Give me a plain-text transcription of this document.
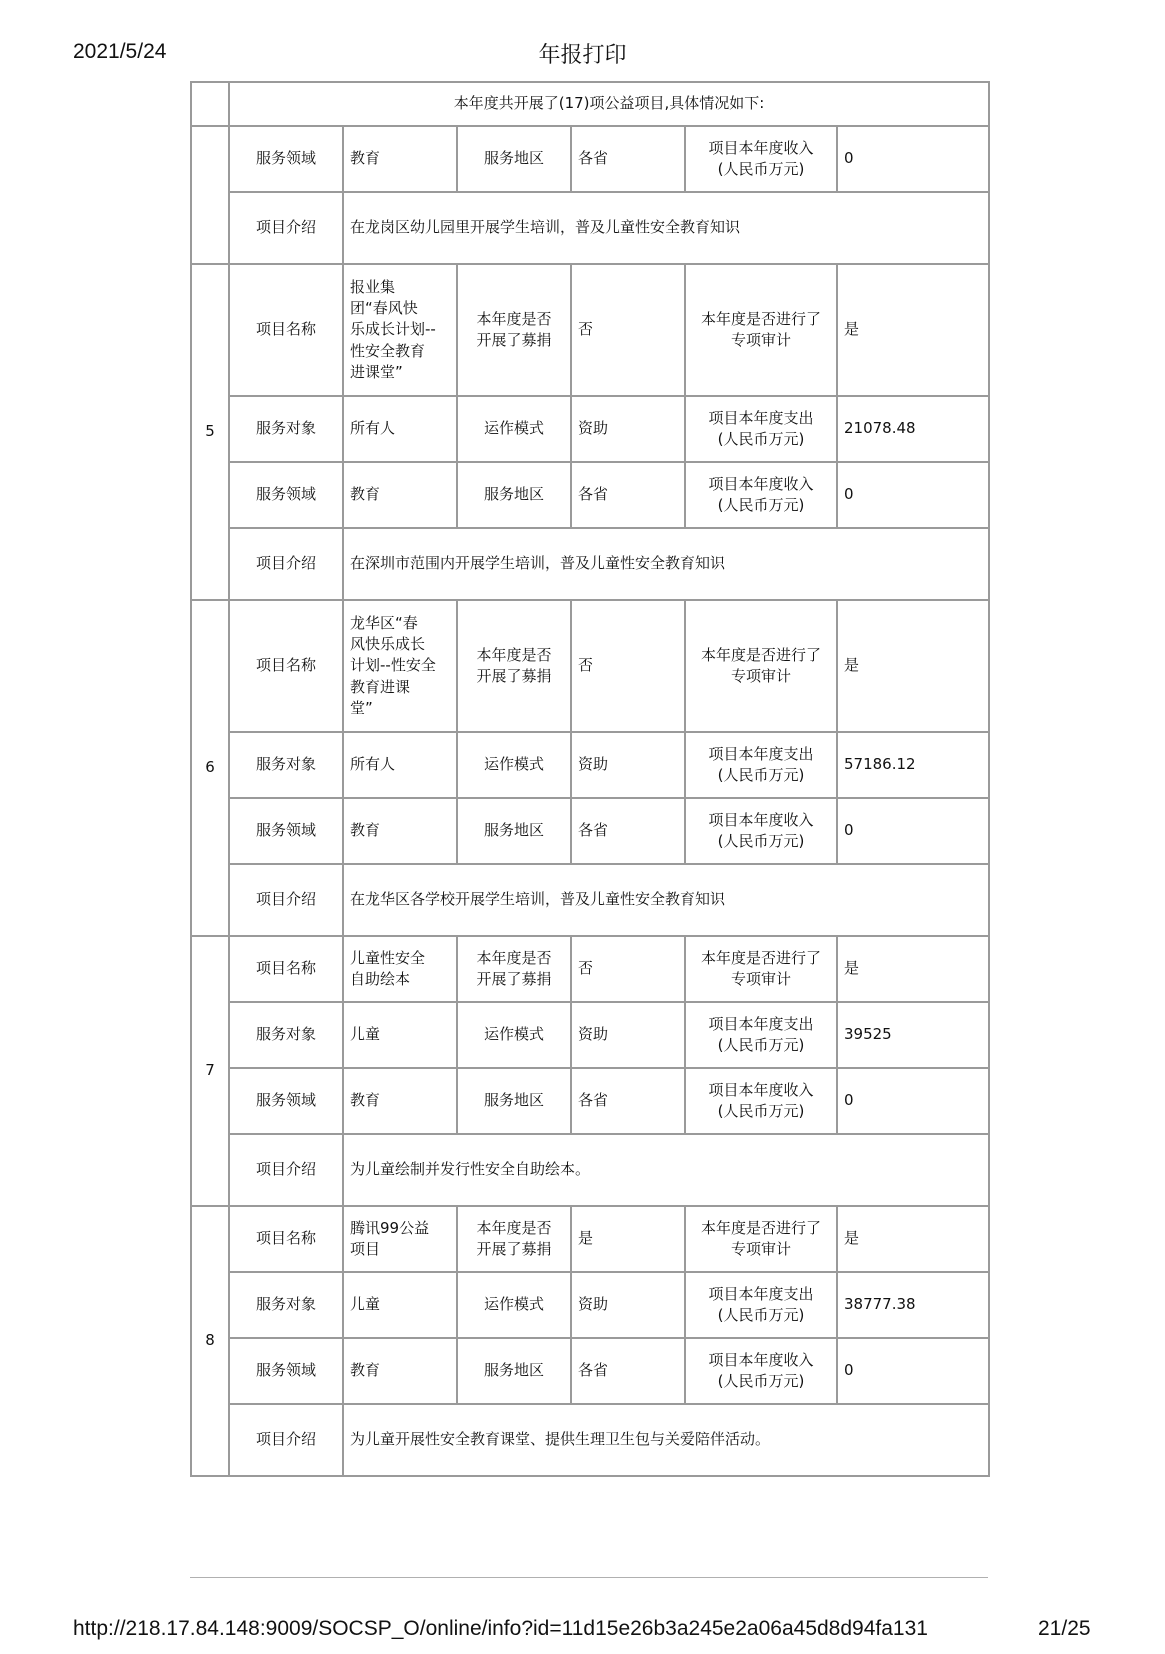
2021/5/24	年报打印
	本年度共开展了(17)项公益项目,具体情况如下:					
	服务领域	教育	服务地区	各省	项目本年度收入
(人民币万元)	0
	项目介绍	在龙岗区幼儿园里开展学生培训，普及儿童性安全教育知识				
5	项目名称	报业集
团“春风快
乐成长计划--
性安全教育
进课堂”	本年度是否
开展了募捐	否	本年度是否进行了
专项审计	是
	服务对象	所有人	运作模式	资助	项目本年度支出
(人民币万元)	21078.48
	服务领域	教育	服务地区	各省	项目本年度收入
(人民币万元)	0
	项目介绍	在深圳市范围内开展学生培训，普及儿童性安全教育知识				
6	项目名称	龙华区“春
风快乐成长
计划--性安全
教育进课
堂”	本年度是否
开展了募捐	否	本年度是否进行了
专项审计	是
	服务对象	所有人	运作模式	资助	项目本年度支出
(人民币万元)	57186.12
	服务领域	教育	服务地区	各省	项目本年度收入
(人民币万元)	0
	项目介绍	在龙华区各学校开展学生培训，普及儿童性安全教育知识				
7	项目名称	儿童性安全
自助绘本	本年度是否
开展了募捐	否	本年度是否进行了
专项审计	是
	服务对象	儿童	运作模式	资助	项目本年度支出
(人民币万元)	39525
	服务领域	教育	服务地区	各省	项目本年度收入
(人民币万元)	0
	项目介绍	为儿童绘制并发行性安全自助绘本。				
8	项目名称	腾讯99公益
项目	本年度是否
开展了募捐	是	本年度是否进行了
专项审计	是
	服务对象	儿童	运作模式	资助	项目本年度支出
(人民币万元)	38777.38
	服务领域	教育	服务地区	各省	项目本年度收入
(人民币万元)	0
	项目介绍	为儿童开展性安全教育课堂、提供生理卫生包与关爱陪伴活动。				
http://218.17.84.148:9009/SOCSP_O/online/info?id=11d15e26b3a245e2a06a45d8d94fa131	21/25
